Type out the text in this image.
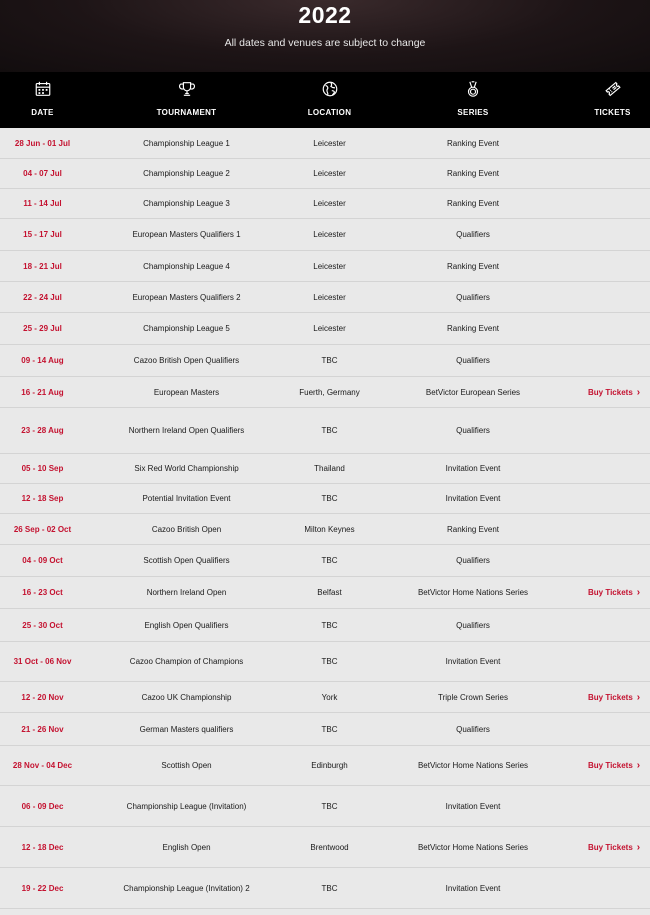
2022
All dates and venues are subject to change
DATE	TOURNAMENT	LOCATION	SERIES	TICKETS
28 Jun - 01 Jul	Championship League 1	Leicester	Ranking Event
04 - 07 Jul	Championship League 2	Leicester	Ranking Event
11 - 14 Jul	Championship League 3	Leicester	Ranking Event
15 - 17 Jul	European Masters Qualifiers 1	Leicester	Qualifiers
18 - 21 Jul	Championship League 4	Leicester	Ranking Event
22 - 24 Jul	European Masters Qualifiers 2	Leicester	Qualifiers
25 - 29 Jul	Championship League 5	Leicester	Ranking Event
09 - 14 Aug	Cazoo British Open Qualifiers	TBC	Qualifiers
16 - 21 Aug	European Masters	Fuerth, Germany	BetVictor European Series	Buy Tickets ›
23 - 28 Aug	Northern Ireland Open Qualifiers	TBC	Qualifiers
05 - 10 Sep	Six Red World Championship	Thailand	Invitation Event
12 - 18 Sep	Potential Invitation Event	TBC	Invitation Event
26 Sep - 02 Oct	Cazoo British Open	Milton Keynes	Ranking Event
04 - 09 Oct	Scottish Open Qualifiers	TBC	Qualifiers
16 - 23 Oct	Northern Ireland Open	Belfast	BetVictor Home Nations Series	Buy Tickets ›
25 - 30 Oct	English Open Qualifiers	TBC	Qualifiers
31 Oct - 06 Nov	Cazoo Champion of Champions	TBC	Invitation Event
12 - 20 Nov	Cazoo UK Championship	York	Triple Crown Series	Buy Tickets ›
21 - 26 Nov	German Masters qualifiers	TBC	Qualifiers
28 Nov - 04 Dec	Scottish Open	Edinburgh	BetVictor Home Nations Series	Buy Tickets ›
06 - 09 Dec	Championship League (Invitation)	TBC	Invitation Event
12 - 18 Dec	English Open	Brentwood	BetVictor Home Nations Series	Buy Tickets ›
19 - 22 Dec	Championship League (Invitation) 2	TBC	Invitation Event
